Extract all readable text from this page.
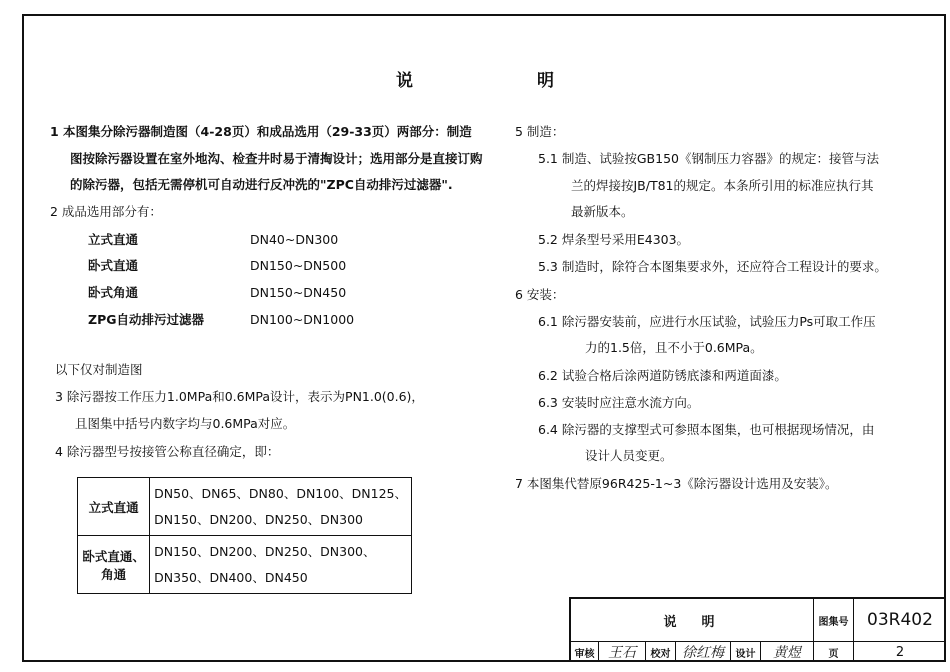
说　　明
1 本图集分除污器制造图（4-28页）和成品选用（29-33页）两部分：制造
图按除污器设置在室外地沟、检查井时易于清掏设计；选用部分是直接订购
的除污器，包括无需停机可自动进行反冲洗的"ZPC自动排污过滤器".
2 成品选用部分有：
立式直通	DN40~DN300
卧式直通	DN150~DN500
卧式角通	DN150~DN450
ZPG自动排污过滤器	DN100~DN1000
以下仅对制造图
3 除污器按工作压力1.0MPa和0.6MPa设计，表示为PN1.0(0.6)，
且图集中括号内数字均与0.6MPa对应。
4 除污器型号按接管公称直径确定，即：
立式直通	DN50、DN65、DN80、DN100、DN125、
DN150、DN200、DN250、DN300

卧式直通、角通	DN150、DN200、DN250、DN300、
DN350、DN400、DN450
5 制造：
5.1 制造、试验按GB150《钢制压力容器》的规定：接管与法
兰的焊接按JB/T81的规定。本条所引用的标准应执行其
最新版本。
5.2 焊条型号采用E4303。
5.3 制造时，除符合本图集要求外，还应符合工程设计的要求。
6 安装：
6.1 除污器安装前，应进行水压试验，试验压力Ps可取工作压
力的1.5倍，且不小于0.6MPa。
6.2 试验合格后涂两道防锈底漆和两道面漆。
6.3 安装时应注意水流方向。
6.4 除污器的支撑型式可参照本图集，也可根据现场情况，由
设计人员变更。
7 本图集代替原96R425-1~3《除污器设计选用及安装》。
说　明	图集号	03R402
审核 王石	校对 徐红梅	设计	黄煜	页	2
